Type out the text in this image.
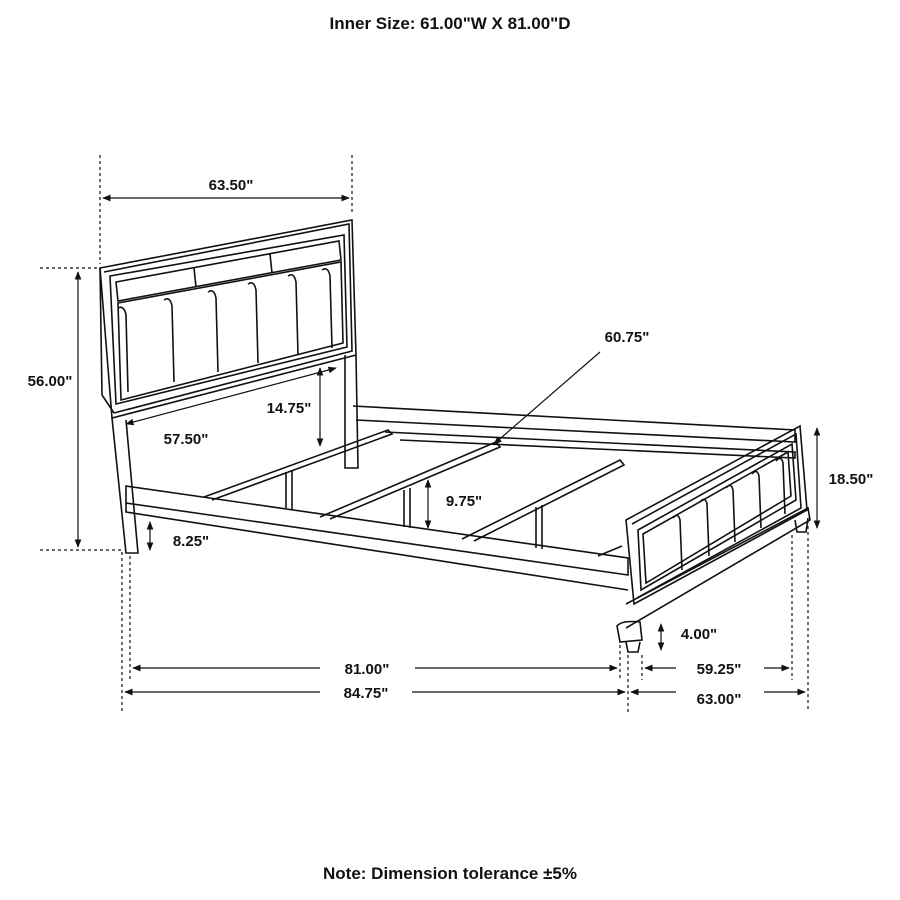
Inner Size: 61.00"W X 81.00"D
63.50"
56.00"
57.50"
14.75"
8.25"
60.75"
9.75"
18.50"
4.00"
81.00"
84.75"
59.25"
63.00"
Note: Dimension tolerance ±5%
